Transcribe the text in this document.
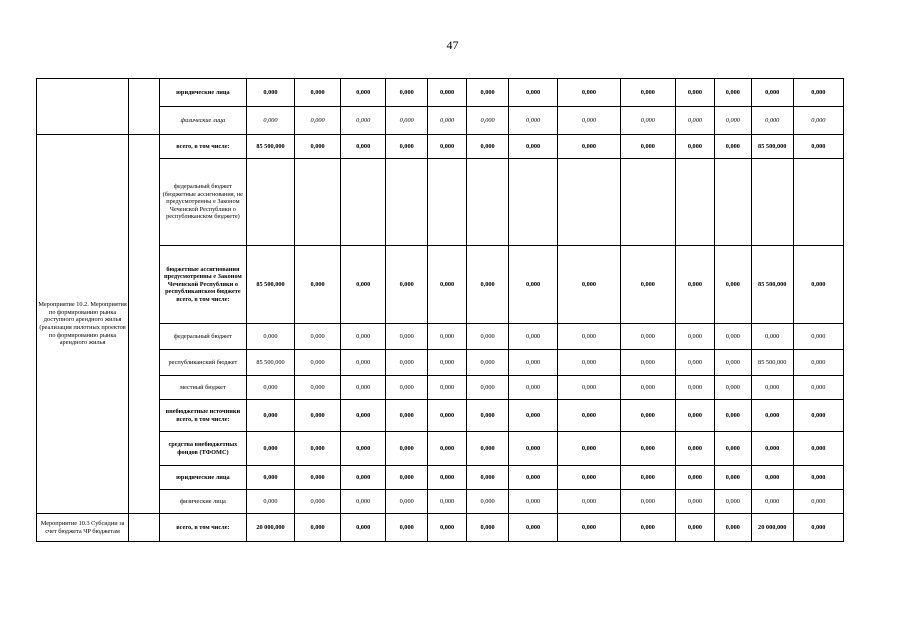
47
		юридические лица	0,000	0,000	0,000	0,000	0,000	0,000	0,000	0,000	0,000	0,000	0,000	0,000	0,000
		физические лица	0,000	0,000	0,000	0,000	0,000	0,000	0,000	0,000	0,000	0,000	0,000	0,000	0,000
Мероприятие 10.2. Мероприятия по формированию рынка доступного арендного жилья (реализация пилотных проектов по формированию рынка арендного жилья		всего, в том числе:	85 500,000	0,000	0,000	0,000	0,000	0,000	0,000	0,000	0,000	0,000	0,000	85 500,000	0,000
		федеральный бюджет (бюджетные ассигнования, не предусмотренны е Законом Чеченской Республики о республиканском бюджете)													
		бюджетные ассигнования предусмотренны е Законом Чеченской Республики о республиканском бюджете всего, в том числе:	85 500,000	0,000	0,000	0,000	0,000	0,000	0,000	0,000	0,000	0,000	0,000	85 500,000	0,000
		федеральный бюджет	0,000	0,000	0,000	0,000	0,000	0,000	0,000	0,000	0,000	0,000	0,000	0,000	0,000
		республиканский бюджет	85 500,000	0,000	0,000	0,000	0,000	0,000	0,000	0,000	0,000	0,000	0,000	85 500,000	0,000
		местный бюджет	0,000	0,000	0,000	0,000	0,000	0,000	0,000	0,000	0,000	0,000	0,000	0,000	0,000
		внебюджетные источники всего, в том числе:	0,000	0,000	0,000	0,000	0,000	0,000	0,000	0,000	0,000	0,000	0,000	0,000	0,000
		средства внебюджетных фондов (ТФОМС)	0,000	0,000	0,000	0,000	0,000	0,000	0,000	0,000	0,000	0,000	0,000	0,000	0,000
		юридические лица	0,000	0,000	0,000	0,000	0,000	0,000	0,000	0,000	0,000	0,000	0,000	0,000	0,000
		физические лица	0,000	0,000	0,000	0,000	0,000	0,000	0,000	0,000	0,000	0,000	0,000	0,000	0,000
Мероприятие 10.3 Субсидии за счет бюджета ЧР бюджетам		всего, в том числе:	20 000,000	0,000	0,000	0,000	0,000	0,000	0,000	0,000	0,000	0,000	0,000	20 000,000	0,000
